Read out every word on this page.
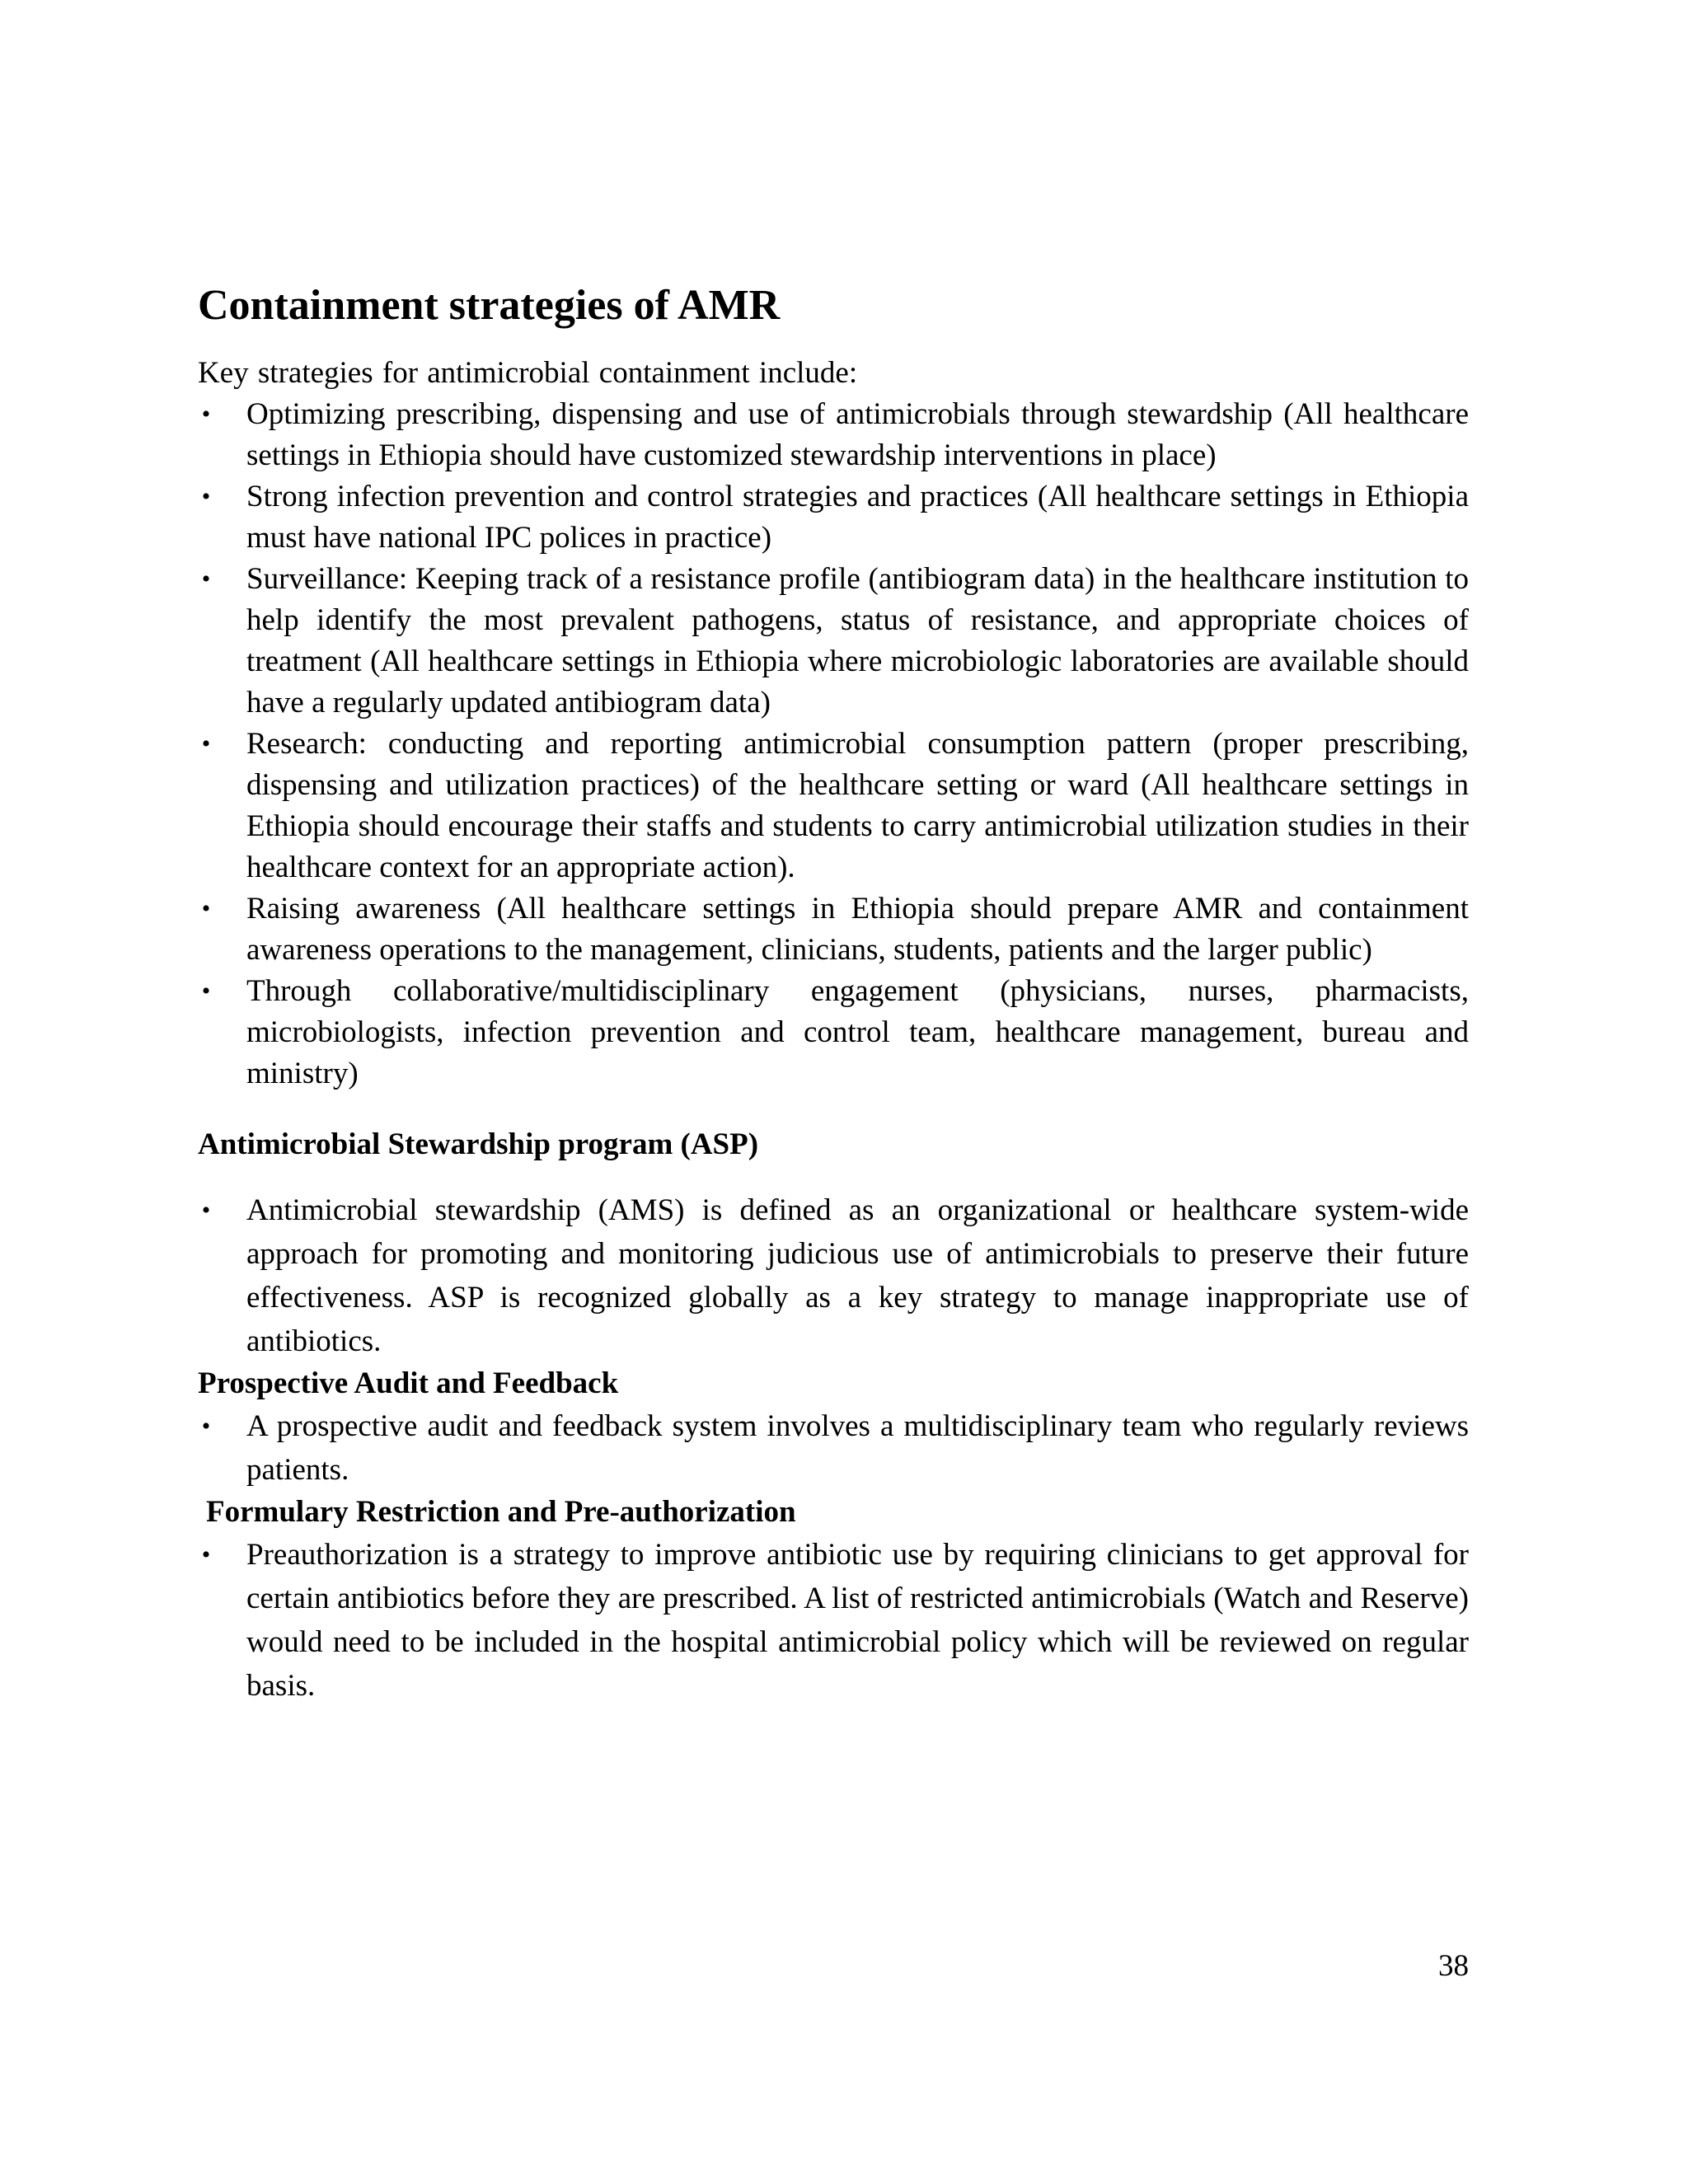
Containment strategies of AMR

Key strategies for antimicrobial containment include:

• Optimizing prescribing, dispensing and use of antimicrobials through stewardship (All healthcare settings in Ethiopia should have customized stewardship interventions in place)
• Strong infection prevention and control strategies and practices (All healthcare settings in Ethiopia must have national IPC polices in practice)
• Surveillance: Keeping track of a resistance profile (antibiogram data) in the healthcare institution to help identify the most prevalent pathogens, status of resistance, and appropriate choices of treatment (All healthcare settings in Ethiopia where microbiologic laboratories are available should have a regularly updated antibiogram data)
• Research: conducting and reporting antimicrobial consumption pattern (proper prescribing, dispensing and utilization practices) of the healthcare setting or ward (All healthcare settings in Ethiopia should encourage their staffs and students to carry antimicrobial utilization studies in their healthcare context for an appropriate action).
• Raising awareness (All healthcare settings in Ethiopia should prepare AMR and containment awareness operations to the management, clinicians, students, patients and the larger public)
• Through collaborative/multidisciplinary engagement (physicians, nurses, pharmacists, microbiologists, infection prevention and control team, healthcare management, bureau and ministry)
Antimicrobial Stewardship program (ASP)
• Antimicrobial stewardship (AMS) is defined as an organizational or healthcare system-wide approach for promoting and monitoring judicious use of antimicrobials to preserve their future effectiveness. ASP is recognized globally as a key strategy to manage inappropriate use of antibiotics.
Prospective Audit and Feedback
• A prospective audit and feedback system involves a multidisciplinary team who regularly reviews patients.
Formulary Restriction and Pre-authorization
• Preauthorization is a strategy to improve antibiotic use by requiring clinicians to get approval for certain antibiotics before they are prescribed. A list of restricted antimicrobials (Watch and Reserve) would need to be included in the hospital antimicrobial policy which will be reviewed on regular basis.
38
